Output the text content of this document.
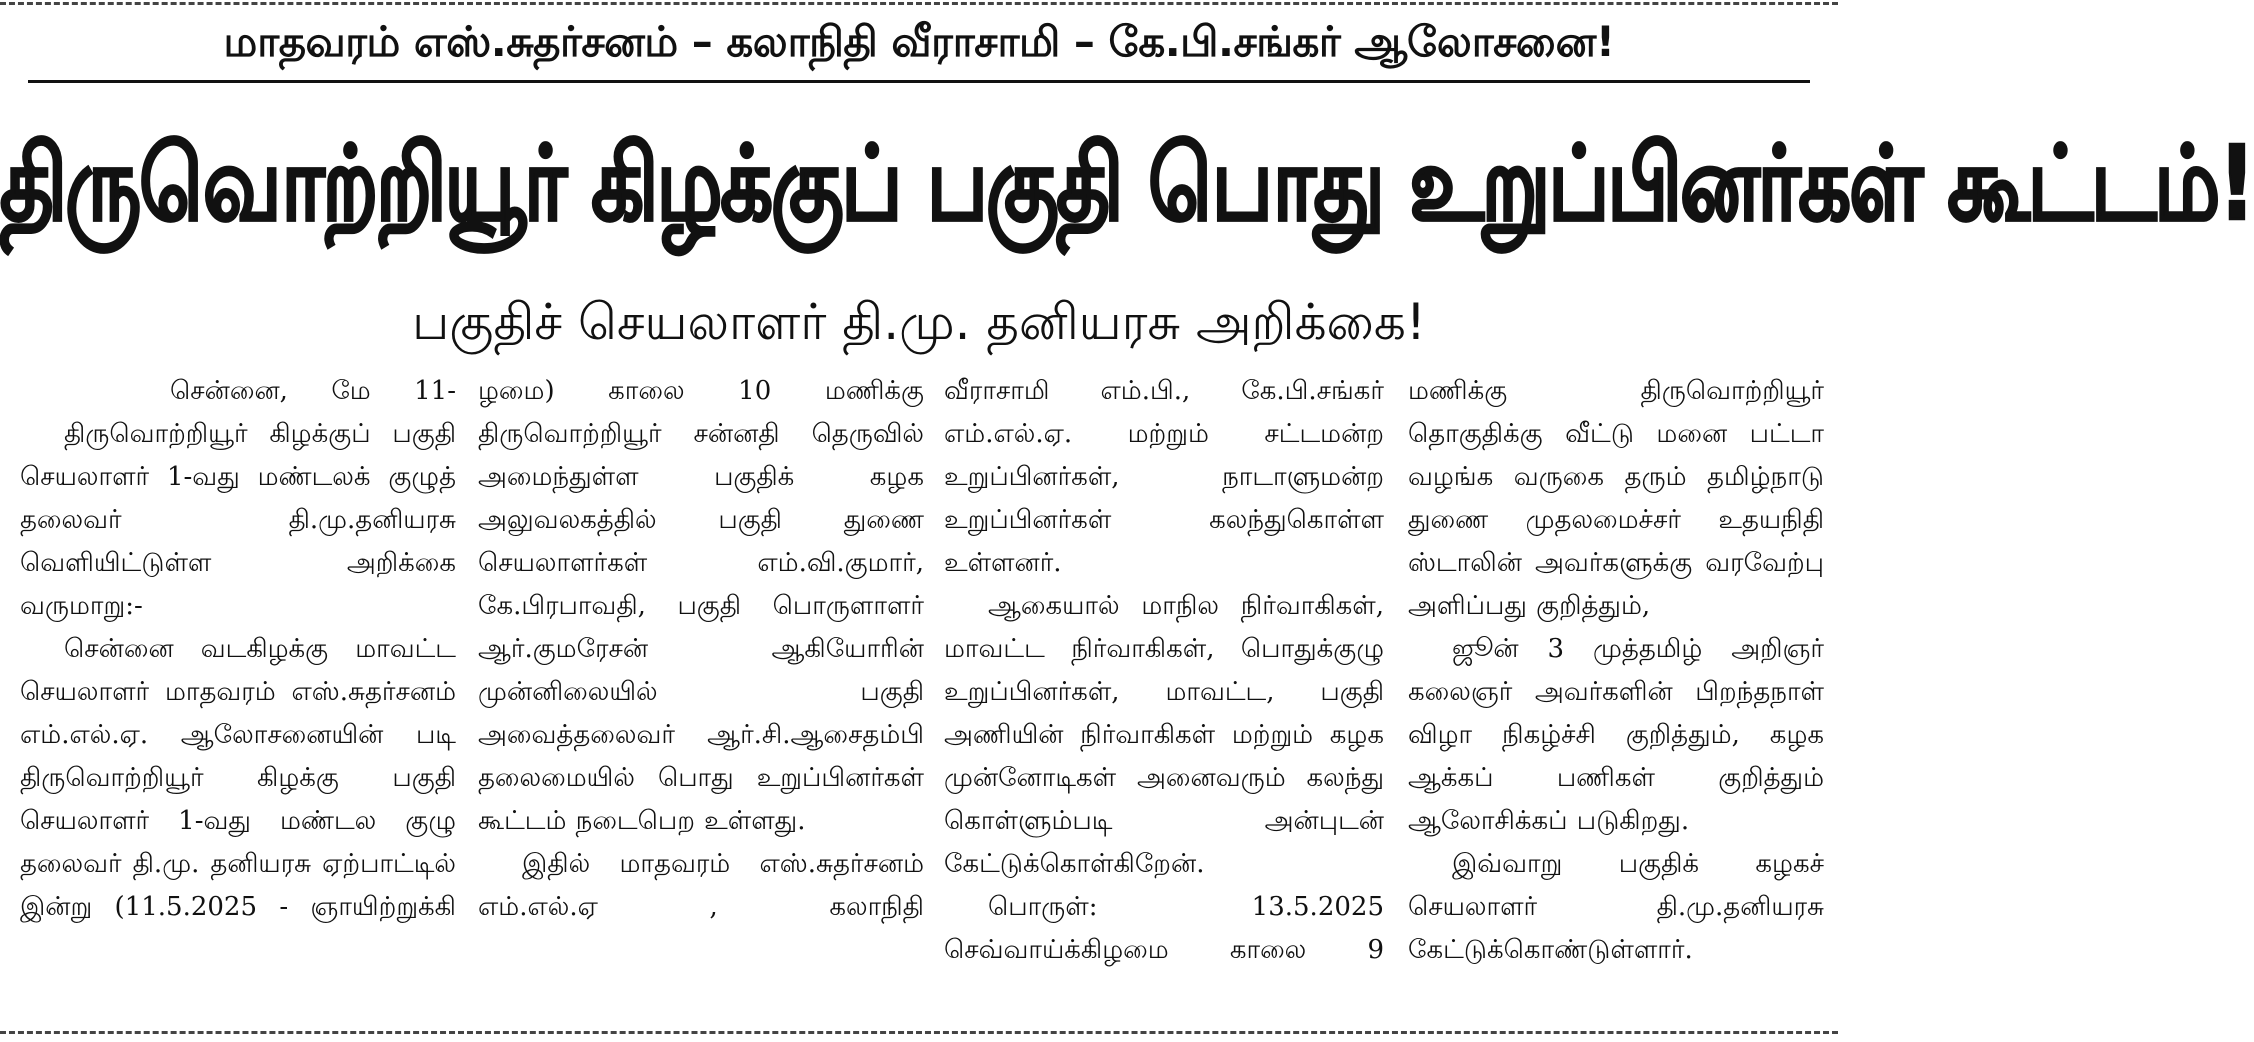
மாதவரம் எஸ்.சுதர்சனம் – கலாநிதி வீராசாமி – கே.பி.சங்கர் ஆலோசனை!
திருவொற்றியூர் கிழக்குப் பகுதி பொது உறுப்பினர்கள் கூட்டம்!
பகுதிச் செயலாளர் தி.மு. தனியரசு அறிக்கை!

சென்னை, மே 11-

திருவொற்றியூர் கிழக்குப் பகுதி செயலாளர் 1-வது மண்டலக் குழுத் தலைவர் தி.மு.தனியரசு வெளியிட்டுள்ள அறிக்கை வருமாறு:-

சென்னை வடகிழக்கு மாவட்ட செயலாளர் மாதவரம் எஸ்.சுதர்சனம் எம்.எல்.ஏ. ஆலோசனையின் படி திருவொற்றியூர் கிழக்கு பகுதி செயலாளர் 1-வது மண்டல குழு தலைவர் தி.மு. தனியரசு ஏற்பாட்டில் இன்று (11.5.2025 - ஞாயிற்றுக்கி

ழமை) காலை 10 மணிக்கு திருவொற்றியூர் சன்னதி தெருவில் அமைந்துள்ள பகுதிக் கழக அலுவலகத்தில் பகுதி துணை செயலாளர்கள் எம்.வி.குமார், கே.பிரபாவதி, பகுதி பொருளாளர் ஆர்.குமரேசன் ஆகியோரின் முன்னிலையில் பகுதி அவைத்தலைவர் ஆர்.சி.ஆசைதம்பி தலைமையில் பொது உறுப்பினர்கள் கூட்டம் நடைபெற உள்ளது.

இதில் மாதவரம் எஸ்.சுதர்சனம் எம்.எல்.ஏ , கலாநிதி

வீராசாமி எம்.பி., கே.பி.சங்கர் எம்.எல்.ஏ. மற்றும் சட்டமன்ற உறுப்பினர்கள், நாடாளுமன்ற உறுப்பினர்கள் கலந்துகொள்ள உள்ளனர்.

ஆகையால் மாநில நிர்வாகிகள், மாவட்ட நிர்வாகிகள், பொதுக்குழு உறுப்பினர்கள், மாவட்ட, பகுதி அணியின் நிர்வாகிகள் மற்றும் கழக முன்னோடிகள் அனைவரும் கலந்து கொள்ளும்படி அன்புடன் கேட்டுக்கொள்கிறேன்.

பொருள்: 13.5.2025 செவ்வாய்க்கிழமை காலை 9

மணிக்கு திருவொற்றியூர் தொகுதிக்கு வீட்டு மனை பட்டா வழங்க வருகை தரும் தமிழ்நாடு துணை முதலமைச்சர் உதயநிதி ஸ்டாலின் அவர்களுக்கு வரவேற்பு அளிப்பது குறித்தும்,

ஜூன் 3 முத்தமிழ் அறிஞர் கலைஞர் அவர்களின் பிறந்தநாள் விழா நிகழ்ச்சி குறித்தும், கழக ஆக்கப் பணிகள் குறித்தும் ஆலோசிக்கப் படுகிறது.

இவ்வாறு பகுதிக் கழகச் செயலாளர் தி.மு.தனியரசு கேட்டுக்கொண்டுள்ளார்.
